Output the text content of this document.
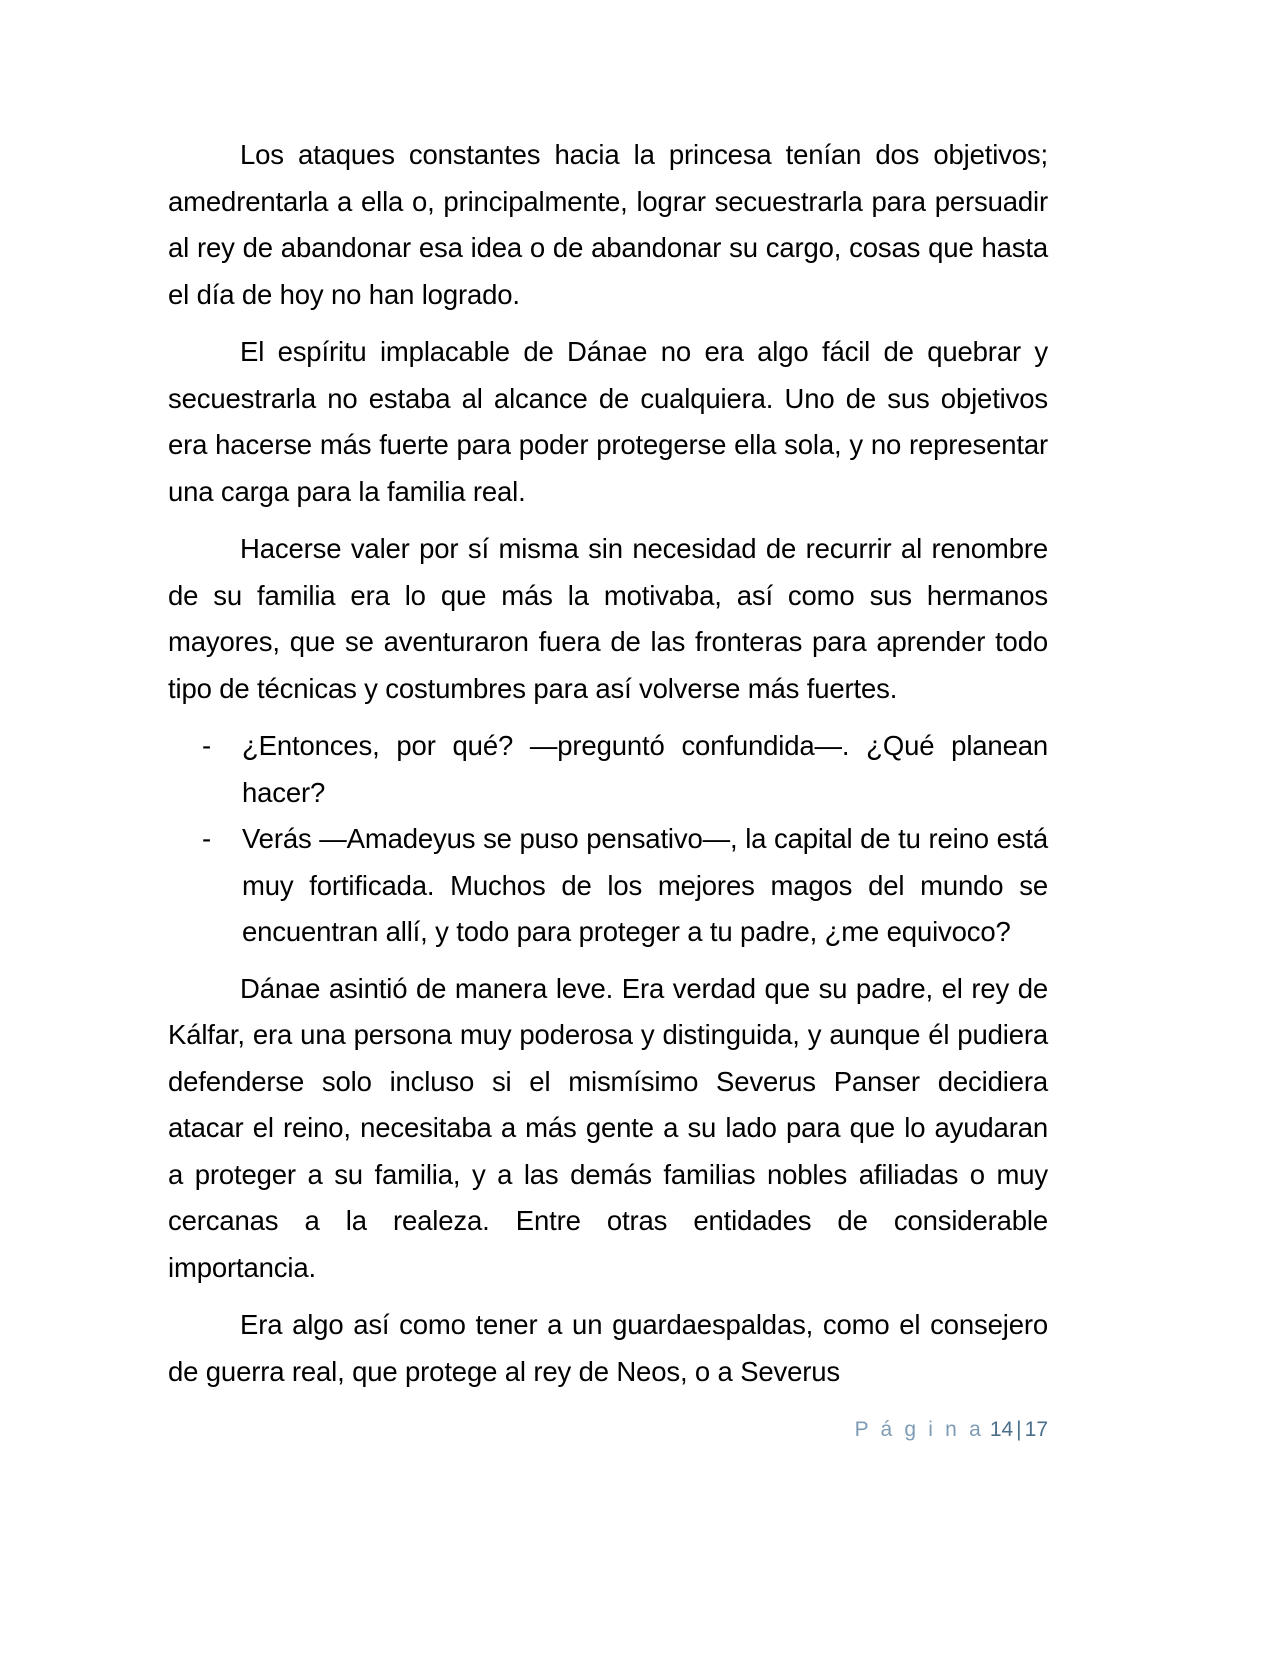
Los ataques constantes hacia la princesa tenían dos objetivos; amedrentarla a ella o, principalmente, lograr secuestrarla para persuadir al rey de abandonar esa idea o de abandonar su cargo, cosas que hasta el día de hoy no han logrado.

El espíritu implacable de Dánae no era algo fácil de quebrar y secuestrarla no estaba al alcance de cualquiera. Uno de sus objetivos era hacerse más fuerte para poder protegerse ella sola, y no representar una carga para la familia real.

Hacerse valer por sí misma sin necesidad de recurrir al renombre de su familia era lo que más la motivaba, así como sus hermanos mayores, que se aventuraron fuera de las fronteras para aprender todo tipo de técnicas y costumbres para así volverse más fuertes.

- ¿Entonces, por qué? —preguntó confundida—. ¿Qué planean hacer?
- Verás —Amadeyus se puso pensativo—, la capital de tu reino está muy fortificada. Muchos de los mejores magos del mundo se encuentran allí, y todo para proteger a tu padre, ¿me equivoco?

Dánae asintió de manera leve. Era verdad que su padre, el rey de Kálfar, era una persona muy poderosa y distinguida, y aunque él pudiera defenderse solo incluso si el mismísimo Severus Panser decidiera atacar el reino, necesitaba a más gente a su lado para que lo ayudaran a proteger a su familia, y a las demás familias nobles afiliadas o muy cercanas a la realeza. Entre otras entidades de considerable importancia.

Era algo así como tener a un guardaespaldas, como el consejero de guerra real, que protege al rey de Neos, o a Severus

P á g i n a 14 | 17
